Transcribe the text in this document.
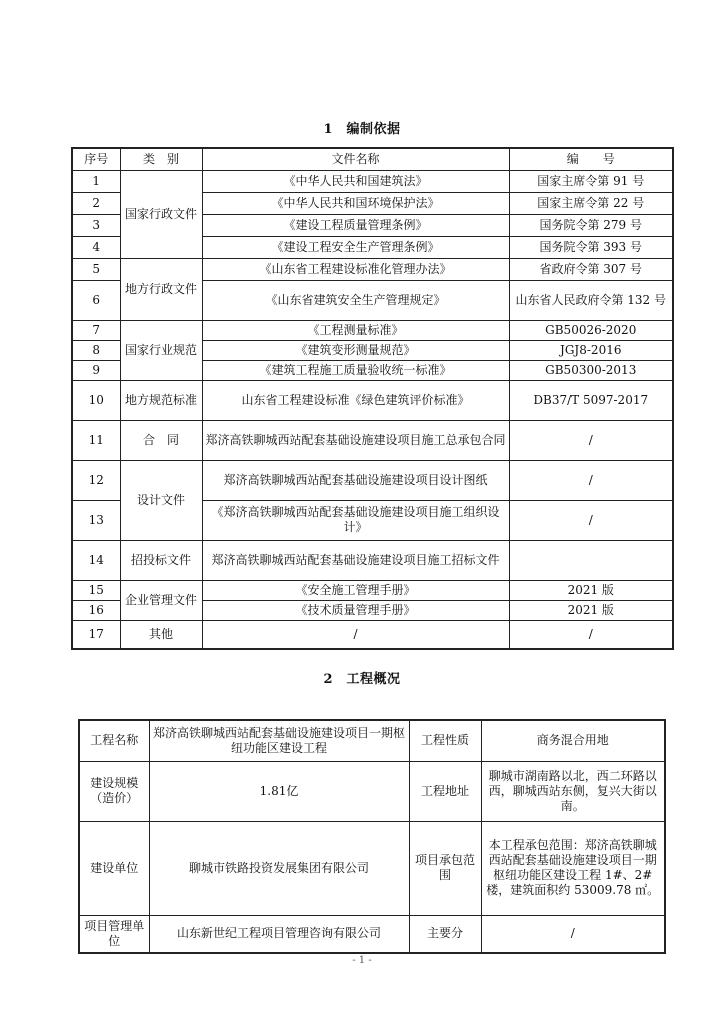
1　编制依据
序号	类　别	文件名称	编　　号
1	国家行政文件	《中华人民共和国建筑法》	国家主席令第 91 号
2		《中华人民共和国环境保护法》	国家主席令第 22 号
3		《建设工程质量管理条例》	国务院令第 279 号
4		《建设工程安全生产管理条例》	国务院令第 393 号
5	地方行政文件	《山东省工程建设标准化管理办法》	省政府令第 307 号
6		《山东省建筑安全生产管理规定》	山东省人民政府令第 132 号
7	国家行业规范	《工程测量标准》	GB50026-2020
8		《建筑变形测量规范》	JGJ8-2016
9		《建筑工程施工质量验收统一标准》	GB50300-2013
10	地方规范标准	山东省工程建设标准《绿色建筑评价标准》	DB37/T 5097-2017
11	合　同	郑济高铁聊城西站配套基础设施建设项目施工总承包合同	/
12	设计文件	郑济高铁聊城西站配套基础设施建设项目设计图纸	/
13		《郑济高铁聊城西站配套基础设施建设项目施工组织设计》	/
14	招投标文件	郑济高铁聊城西站配套基础设施建设项目施工招标文件	
15	企业管理文件	《安全施工管理手册》	2021 版
16		《技术质量管理手册》	2021 版
17	其他	/	/
2　工程概况
工程名称	郑济高铁聊城西站配套基础设施建设项目一期枢纽功能区建设工程	工程性质	商务混合用地
建设规模（造价）	1.81亿	工程地址	聊城市湖南路以北，西二环路以西，聊城西站东侧，复兴大街以南。
建设单位	聊城市铁路投资发展集团有限公司	项目承包范围	本工程承包范围：郑济高铁聊城西站配套基础设施建设项目一期枢纽功能区建设工程 1#、2#楼，建筑面积约 53009.78 ㎡。
项目管理单位	山东新世纪工程项目管理咨询有限公司	主要分	/
- 1 -
